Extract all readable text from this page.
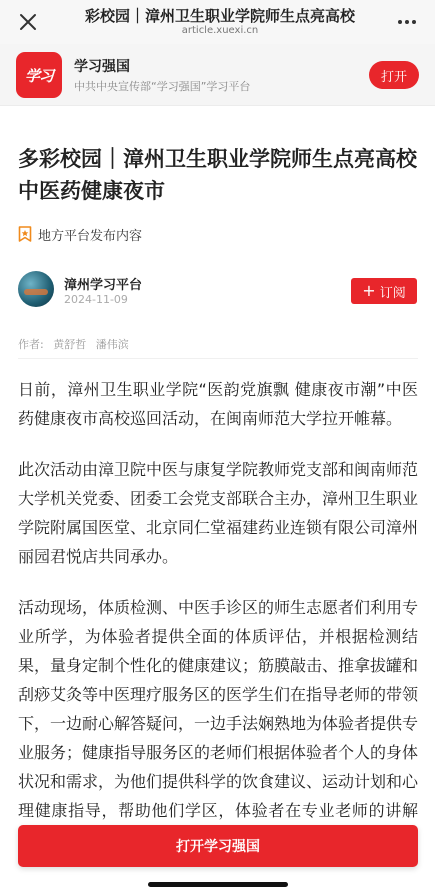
彩校园｜漳州卫生职业学院师生点亮高校
article.xuexi.cn
学习 学习强国
中共中央宣传部“学习强国”学习平台
打开
多彩校园｜漳州卫生职业学院师生点亮高校中医药健康夜市
地方平台发布内容
漳州学习平台
2024-11-09	+ 订阅
作者: 黄舒哲 潘伟滨

日前，漳州卫生职业学院“医韵党旗飘 健康夜市潮”中医药健康夜市高校巡回活动，在闽南师范大学拉开帷幕。

此次活动由漳卫院中医与康复学院教师党支部和闽南师范大学机关党委、团委工会党支部联合主办，漳州卫生职业学院附属国医堂、北京同仁堂福建药业连锁有限公司漳州丽园君悦店共同承办。

活动现场，体质检测、中医手诊区的师生志愿者们利用专业所学，为体验者提供全面的体质评估，并根据检测结果，量身定制个性化的健康建议；筋膜敲击、推拿拔罐和刮痧艾灸等中医理疗服务区的医学生们在指导老师的带领下，一边耐心解答疑问，一边手法娴熟地为体验者提供专业服务；健康指导服务区的老师们根据体验者个人的身体状况和需求，为他们提供科学的饮食建议、运动计划和心理健康指导，帮助他们学区，体验者在专业老师的讲解

打开学习强国
